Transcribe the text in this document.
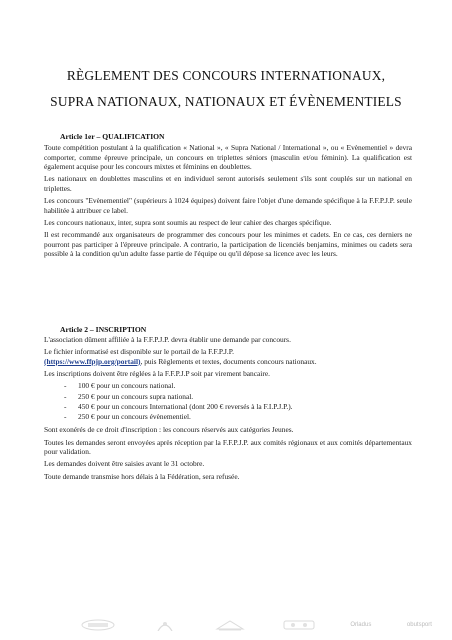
RÈGLEMENT DES CONCOURS INTERNATIONAUX,
SUPRA NATIONAUX, NATIONAUX ET ÉVÈNEMENTIELS
Article 1er – QUALIFICATION

Toute compétition postulant à la qualification « National », « Supra National / International », ou « Evènementiel » devra comporter, comme épreuve principale, un concours en triplettes séniors (masculin et/ou féminin). La qualification est également acquise pour les concours mixtes et féminins en doublettes.

Les nationaux en doublettes masculins et en individuel seront autorisés seulement s'ils sont couplés sur un national en triplettes.

Les concours "Evènementiel" (supérieurs à 1024 équipes) doivent faire l'objet d'une demande spécifique à la F.F.P.J.P. seule habilitée à attribuer ce label.

Les concours nationaux, inter, supra sont soumis au respect de leur cahier des charges spécifique.

Il est recommandé aux organisateurs de programmer des concours pour les minimes et cadets. En ce cas, ces derniers ne pourront pas participer à l'épreuve principale. A contrario, la participation de licenciés benjamins, minimes ou cadets sera possible à la condition qu'un adulte fasse partie de l'équipe ou qu'il dépose sa licence avec les leurs.

Article 2 – INSCRIPTION

L'association dûment affiliée à la F.F.P.J.P. devra établir une demande par concours.

Le fichier informatisé est disponible sur le portail de la F.F.P.J.P.
(https://www.ffpjp.org/portail), puis Règlements et textes, documents concours nationaux.

Les inscriptions doivent être réglées à la F.F.P.J.P soit par virement bancaire.

- 100 € pour un concours national.
- 250 € pour un concours supra national.
- 450 € pour un concours International (dont 200 € reversés à la F.I.P.J.P.).
- 250 € pour un concours évènementiel.

Sont exonérés de ce droit d'inscription : les concours réservés aux catégories Jeunes.

Toutes les demandes seront envoyées après réception par la F.F.P.J.P. aux comités régionaux et aux comités départementaux pour validation.

Les demandes doivent être saisies avant le 31 octobre.

Toute demande transmise hors délais à la Fédération, sera refusée.

Orladus	obutsport
